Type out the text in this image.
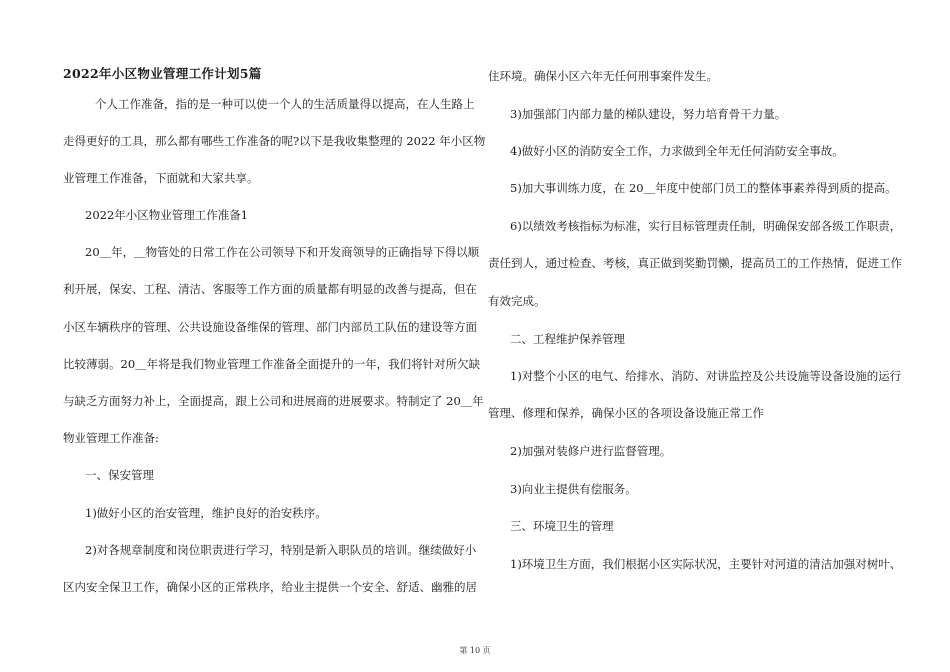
2022年小区物业管理工作计划5篇
个人工作准备，指的是一种可以使一个人的生活质量得以提高，在人生路上
走得更好的工具，那么都有哪些工作准备的呢?以下是我收集整理的 2022 年小区物
业管理工作准备，下面就和大家共享。
2022年小区物业管理工作准备1
20＿年，＿物管处的日常工作在公司领导下和开发商领导的正确指导下得以顺
利开展，保安、工程、清洁、客服等工作方面的质量都有明显的改善与提高，但在
小区车辆秩序的管理、公共设施设备维保的管理、部门内部员工队伍的建设等方面
比较薄弱。20＿年将是我们物业管理工作准备全面提升的一年，我们将针对所欠缺
与缺乏方面努力补上，全面提高，跟上公司和进展商的进展要求。特制定了 20＿年
物业管理工作准备:
一、保安管理
1)做好小区的治安管理，维护良好的治安秩序。
2)对各规章制度和岗位职责进行学习，特别是新入职队员的培训。继续做好小
区内安全保卫工作，确保小区的正常秩序，给业主提供一个安全、舒适、幽雅的居
住环境。确保小区六年无任何刑事案件发生。
3)加强部门内部力量的梯队建设，努力培育骨干力量。
4)做好小区的消防安全工作，力求做到全年无任何消防安全事故。
5)加大事训练力度，在 20＿年度中使部门员工的整体事素养得到质的提高。
6)以绩效考核指标为标准，实行目标管理责任制，明确保安部各级工作职责，
责任到人，通过检查、考核，真正做到奖勤罚懒，提高员工的工作热情，促进工作
有效完成。
二、工程维护保养管理
1)对整个小区的电气、给排水、消防、对讲监控及公共设施等设备设施的运行
管理、修理和保养，确保小区的各项设备设施正常工作
2)加强对装修户进行监督管理。
3)向业主提供有偿服务。
三、环境卫生的管理
1)环境卫生方面，我们根据小区实际状况，主要针对河道的清洁加强对树叶、
第 10 页
